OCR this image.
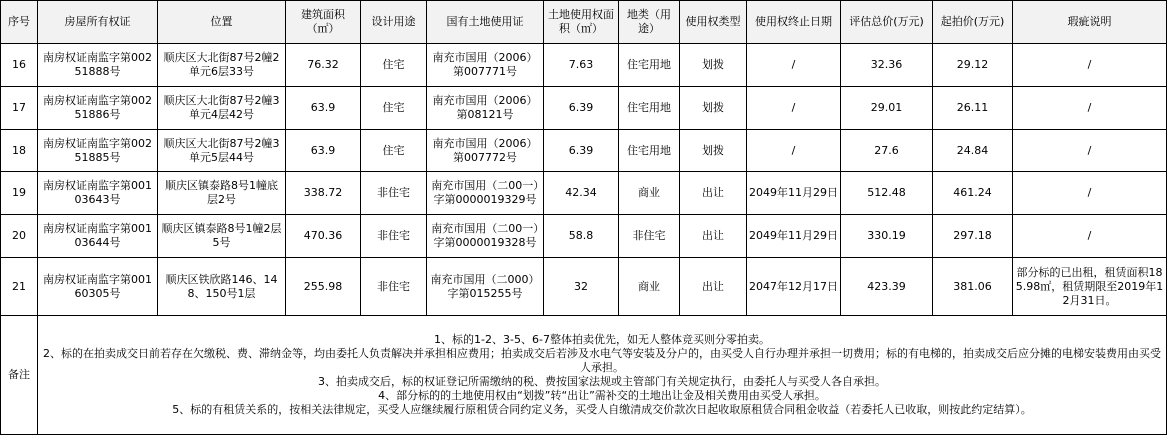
序号	房屋所有权证	位置	建筑面积（㎡）	设计用途	国有土地使用证	土地使用权面积（㎡）	地类（用途）	使用权类型	使用权终止日期	评估总价(万元)	起拍价(万元)	瑕疵说明
16	南房权证南监字第00251888号	顺庆区大北街87号2幢2单元6层33号	76.32	住宅	南充市国用（2006）第007771号	7.63	住宅用地	划拨	/	32.36	29.12	/
17	南房权证南监字第00251886号	顺庆区大北街87号2幢3单元4层42号	63.9	住宅	南充市国用（2006）第08121号	6.39	住宅用地	划拨	/	29.01	26.11	/
18	南房权证南监字第00251885号	顺庆区大北街87号2幢3单元5层44号	63.9	住宅	南充市国用（2006）第007772号	6.39	住宅用地	划拨	/	27.6	24.84	/
19	南房权证南监字第00103643号	顺庆区镇泰路8号1幢底层2号	338.72	非住宅	南充市国用（二00一）字第0000019329号	42.34	商业	出让	2049年11月29日	512.48	461.24	/
20	南房权证南监字第00103644号	顺庆区镇泰路8号1幢2层5号	470.36	非住宅	南充市国用（二00一）字第0000019328号	58.8	非住宅	出让	2049年11月29日	330.19	297.18	/
21	南房权证南监字第00160305号	顺庆区铁欣路146、148、150号1层	255.98	非住宅	南充市国用（二000）字第015255号	32	商业	出让	2047年12月17日	423.39	381.06	部分标的已出租，租赁面积185.98㎡，租赁期限至2019年12月31日。
备注	1、标的1-2、3-5、6-7整体拍卖优先，如无人整体竞买则分零拍卖。
2、标的在拍卖成交日前若存在欠缴税、费、滞纳金等，均由委托人负责解决并承担相应费用；拍卖成交后若涉及水电气等安装及分户的，由买受人自行办理并承担一切费用；标的有电梯的，拍卖成交后应分摊的电梯安装费用由买受人承担。
3、拍卖成交后，标的权证登记所需缴纳的税、费按国家法规或主管部门有关规定执行，由委托人与买受人各自承担。
4、部分标的的土地使用权由“划拨”转“出让”需补交的土地出让金及相关费用由买受人承担。
5、标的有租赁关系的，按相关法律规定，买受人应继续履行原租赁合同约定义务，买受人自缴清成交价款次日起收取原租赁合同租金收益（若委托人已收取，则按此约定结算）。											
